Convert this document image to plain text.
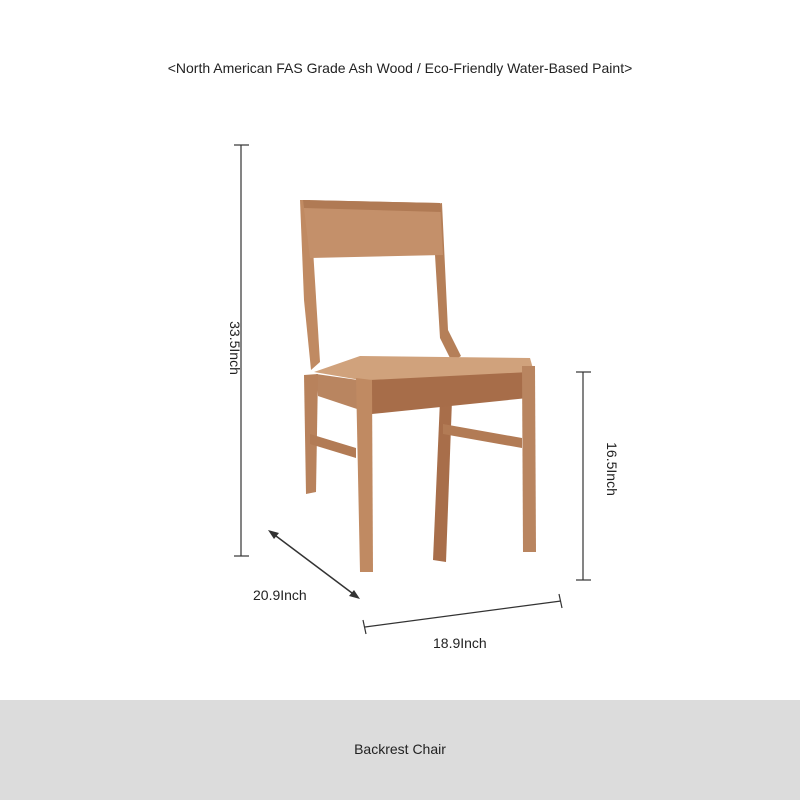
<North American FAS Grade Ash Wood / Eco-Friendly Water-Based Paint>
33.5Inch
16.5Inch
20.9Inch
18.9Inch
Backrest Chair
